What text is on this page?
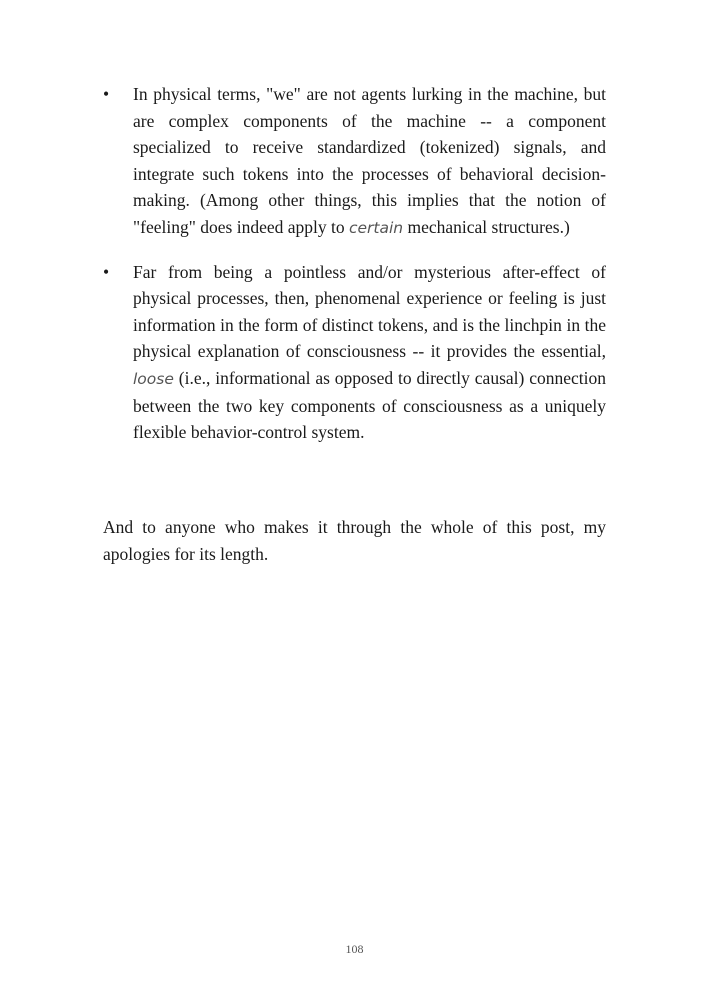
• In physical terms, "we" are not agents lurking in the machine, but are complex components of the machine -- a component specialized to receive standardized (tokenized) signals, and integrate such tokens into the processes of behavioral decision-making. (Among other things, this implies that the notion of "feeling" does indeed apply to certain mechanical structures.)

• Far from being a pointless and/or mysterious after-effect of physical processes, then, phenomenal experience or feeling is just information in the form of distinct tokens, and is the linchpin in the physical explanation of consciousness -- it provides the essential, loose (i.e., informational as opposed to directly causal) connection between the two key components of consciousness as a uniquely flexible behavior-control system.

And to anyone who makes it through the whole of this post, my apologies for its length.

108
